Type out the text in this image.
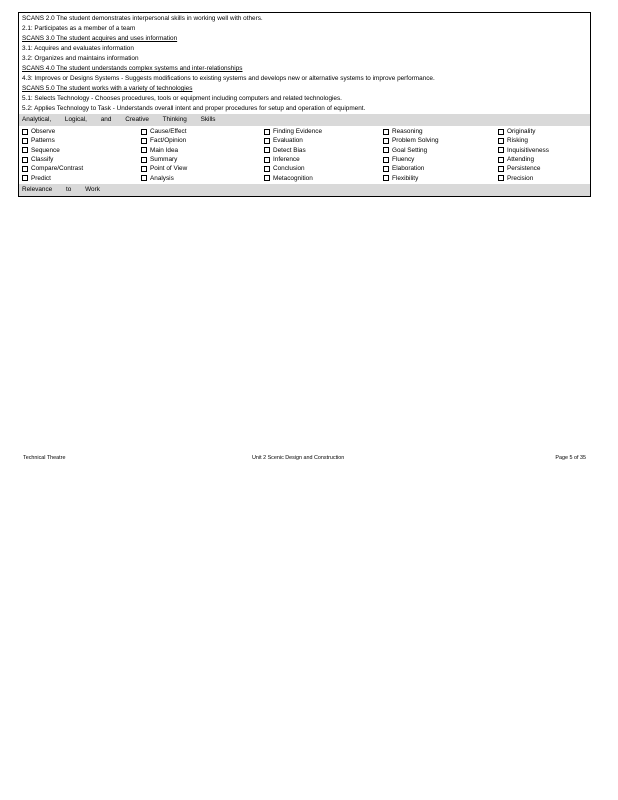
SCANS 2.0 The student demonstrates interpersonal skills in working well with others.
2.1: Participates as a member of a team
SCANS 3.0 The student acquires and uses information
3.1: Acquires and evaluates information
3.2: Organizes and maintains information
SCANS 4.0 The student understands complex systems and inter-relationships
4.3: Improves or Designs Systems - Suggests modifications to existing systems and develops new or alternative systems to improve performance.
SCANS 5.0 The student works with a variety of technologies
5.1: Selects Technology - Chooses procedures, tools or equipment including computers and related technologies.
5.2: Applies Technology to Task - Understands overall intent and proper procedures for setup and operation of equipment.
Analytical, Logical, and Creative Thinking Skills
Observe
Patterns
Sequence
Classify
Compare/Contrast
Predict
Cause/Effect
Fact/Opinion
Main Idea
Summary
Point of View
Analysis
Finding Evidence
Evaluation
Detect Bias
Inference
Conclusion
Metacognition
Reasoning
Problem Solving
Goal Setting
Fluency
Elaboration
Flexibility
Originality
Risking
Inquisitiveness
Attending
Persistence
Precision
Relevance to Work
Technical Theatre	Unit 2 Scenic Design and Construction	Page 5 of 35
